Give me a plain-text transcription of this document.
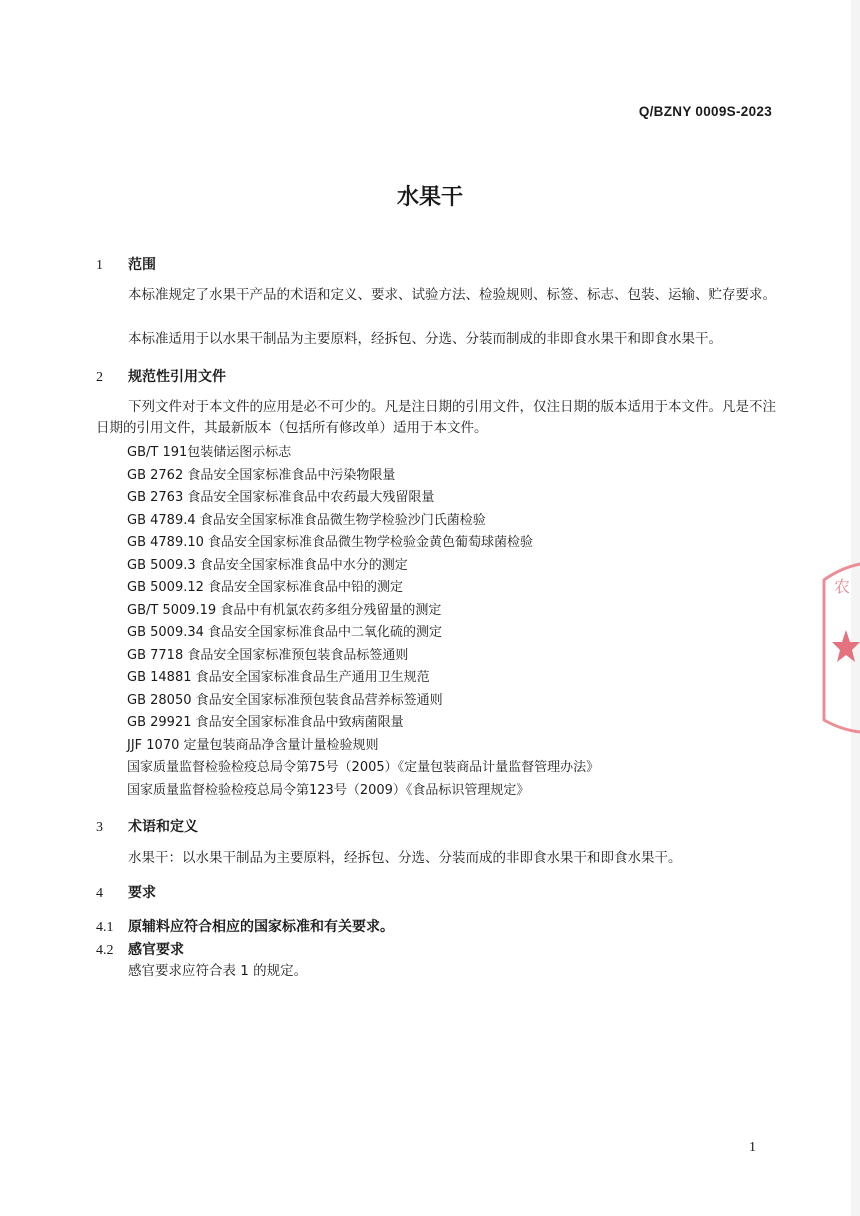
Q/BZNY 0009S-2023
水果干
1 范围
本标准规定了水果干产品的术语和定义、要求、试验方法、检验规则、标签、标志、包装、运输、贮存要求。
本标准适用于以水果干制品为主要原料，经拆包、分选、分装而制成的非即食水果干和即食水果干。
2 规范性引用文件
下列文件对于本文件的应用是必不可少的。凡是注日期的引用文件，仅注日期的版本适用于本文件。凡是不注日期的引用文件，其最新版本（包括所有修改单）适用于本文件。
GB/T 191包装储运图示标志
GB 2762 食品安全国家标准食品中污染物限量
GB 2763 食品安全国家标准食品中农药最大残留限量
GB 4789.4 食品安全国家标准食品微生物学检验沙门氏菌检验
GB 4789.10 食品安全国家标准食品微生物学检验金黄色葡萄球菌检验
GB 5009.3 食品安全国家标准食品中水分的测定
GB 5009.12 食品安全国家标准食品中铅的测定
GB/T 5009.19 食品中有机氯农药多组分残留量的测定
GB 5009.34 食品安全国家标准食品中二氧化硫的测定
GB 7718 食品安全国家标准预包装食品标签通则
GB 14881 食品安全国家标准食品生产通用卫生规范
GB 28050 食品安全国家标准预包装食品营养标签通则
GB 29921 食品安全国家标准食品中致病菌限量
JJF 1070 定量包装商品净含量计量检验规则
国家质量监督检验检疫总局令第75号（2005）《定量包装商品计量监督管理办法》
国家质量监督检验检疫总局令第123号（2009）《食品标识管理规定》
3 术语和定义
水果干：以水果干制品为主要原料，经拆包、分选、分装而成的非即食水果干和即食水果干。
4 要求
4.1 原辅料应符合相应的国家标准和有关要求。
4.2 感官要求
感官要求应符合表 1 的规定。
1
农
